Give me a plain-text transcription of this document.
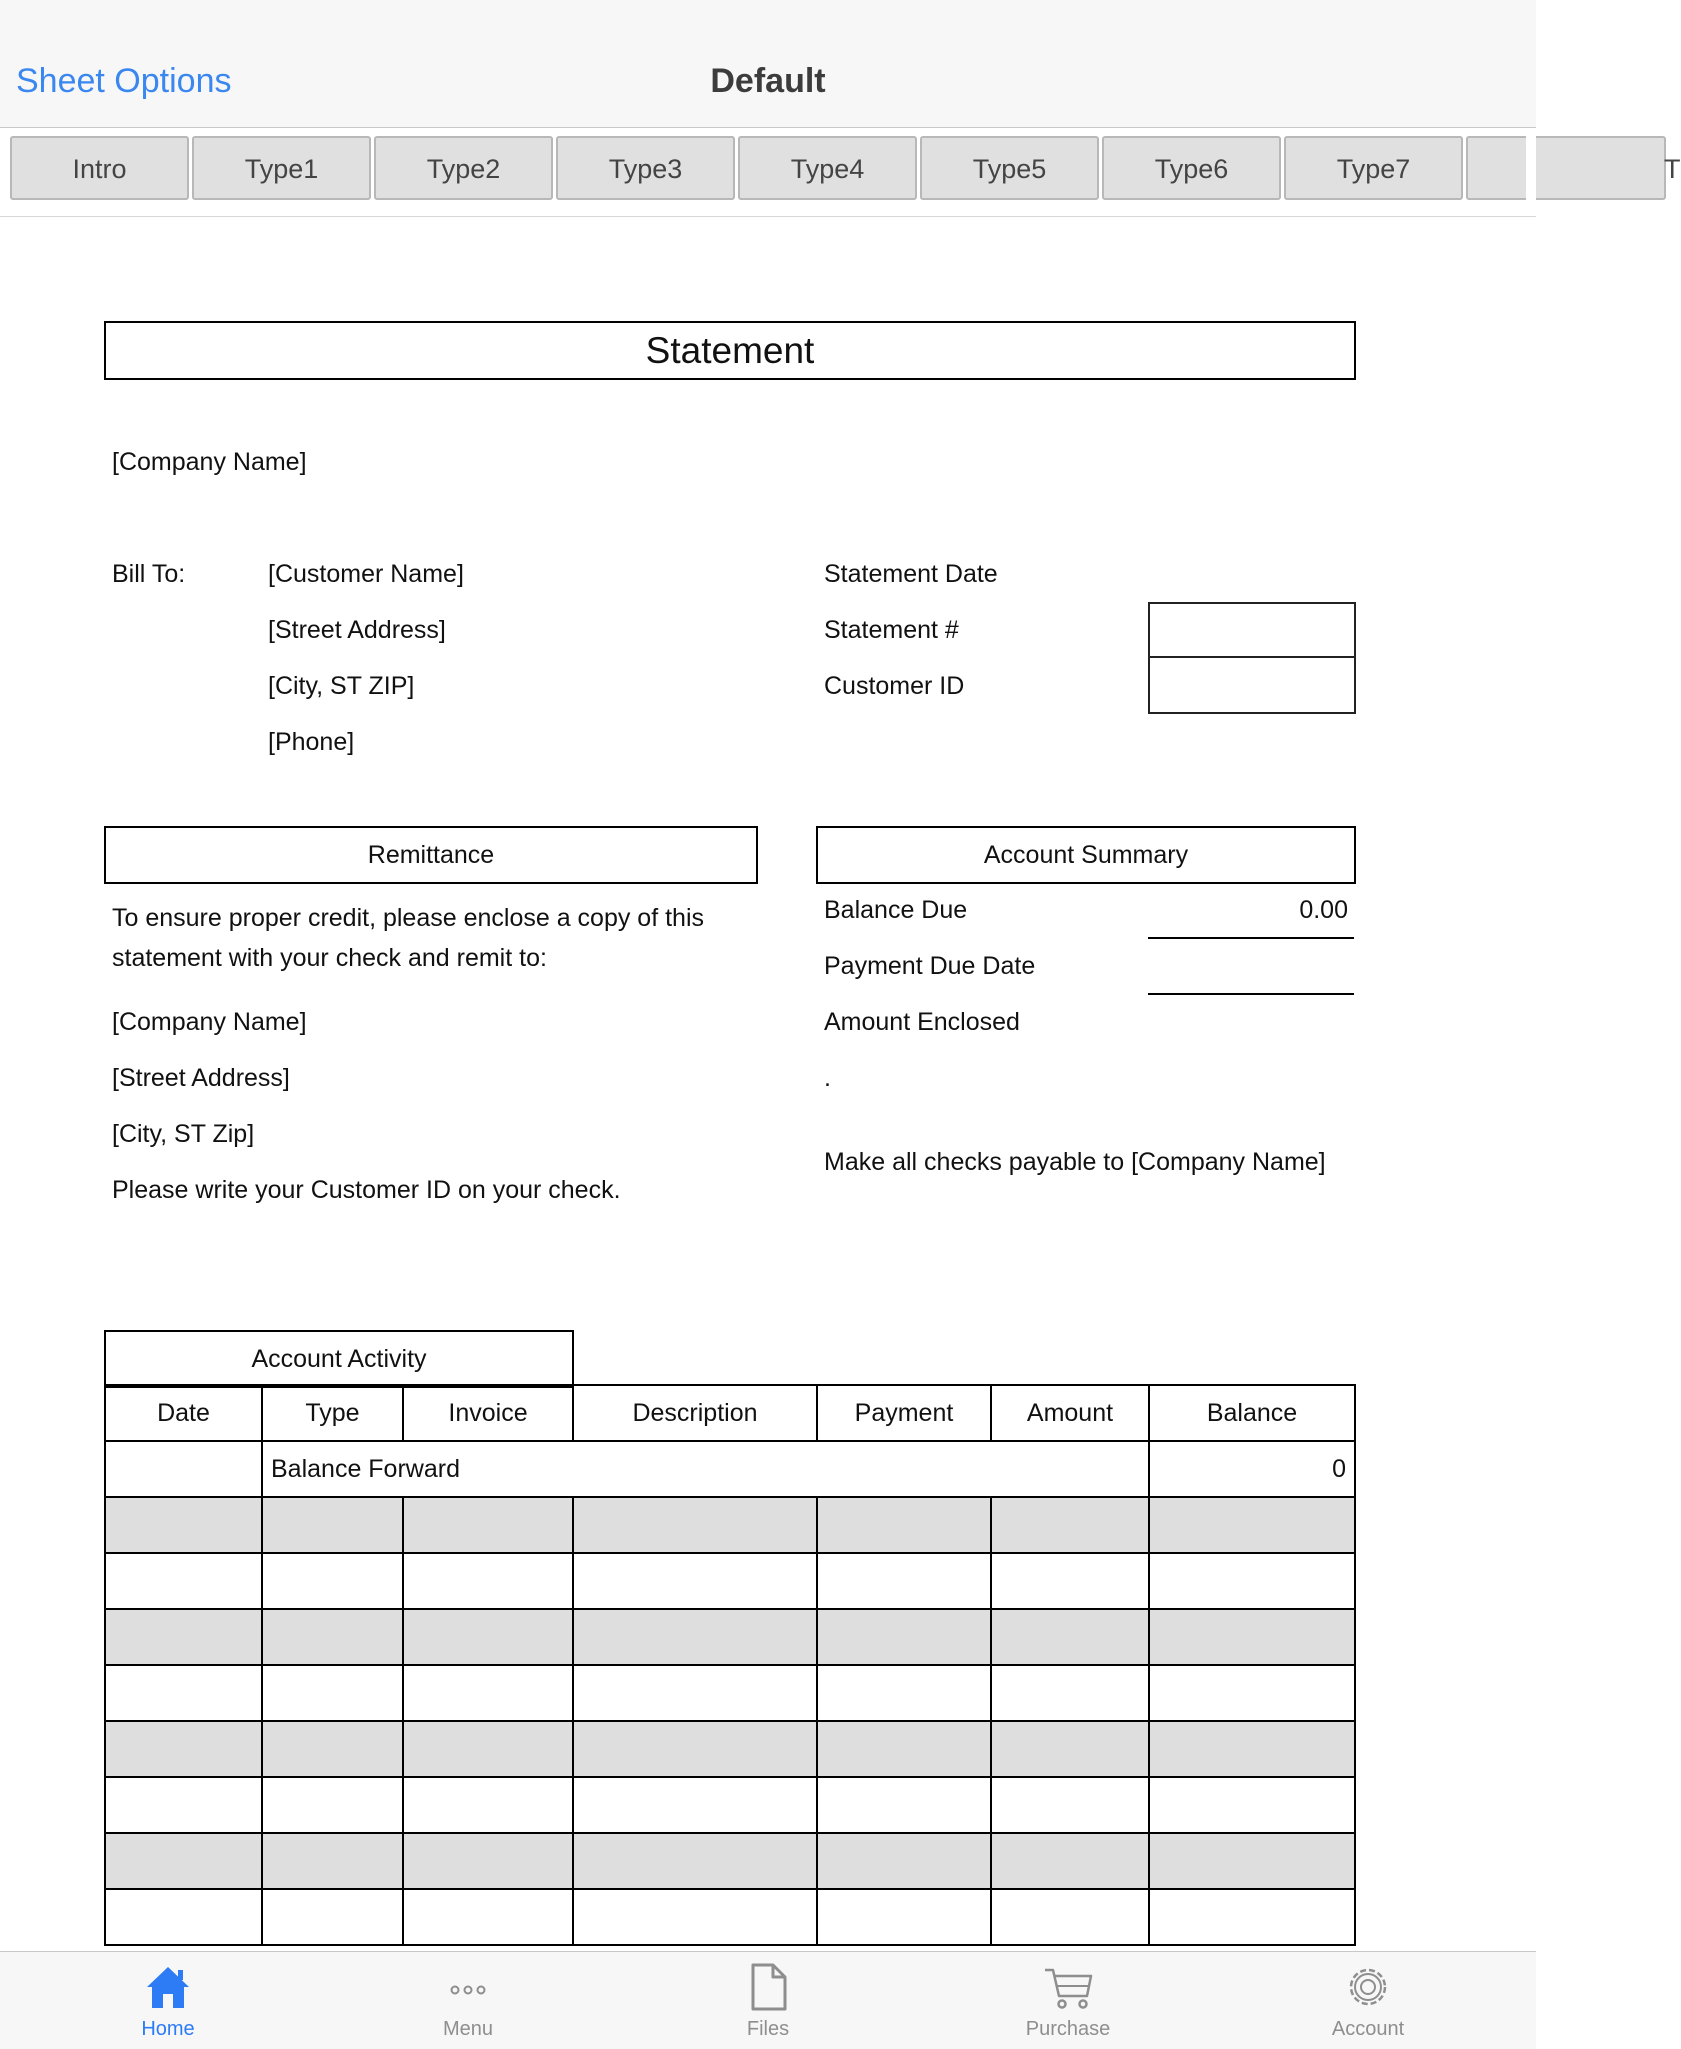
Sheet Options	Default
Intro	Type1	Type2	Type3	Type4	Type5	Type6	Type7	T
Statement
[Company Name]
Bill To:	[Customer Name]
[Street Address]
[City, ST ZIP]
[Phone]
Statement Date
Statement #
Customer ID
Remittance
To ensure proper credit, please enclose a copy of this
statement with your check and remit to:
[Company Name]
[Street Address]
[City, ST Zip]
Please write your Customer ID on your check.
Account Summary
Balance Due	0.00
Payment Due Date
Amount Enclosed
.
Make all checks payable to [Company Name]
Account Activity
Date	Type	Invoice	Description	Payment	Amount	Balance
	Balance Forward					0

Home	Menu	Files	Purchase	Account
